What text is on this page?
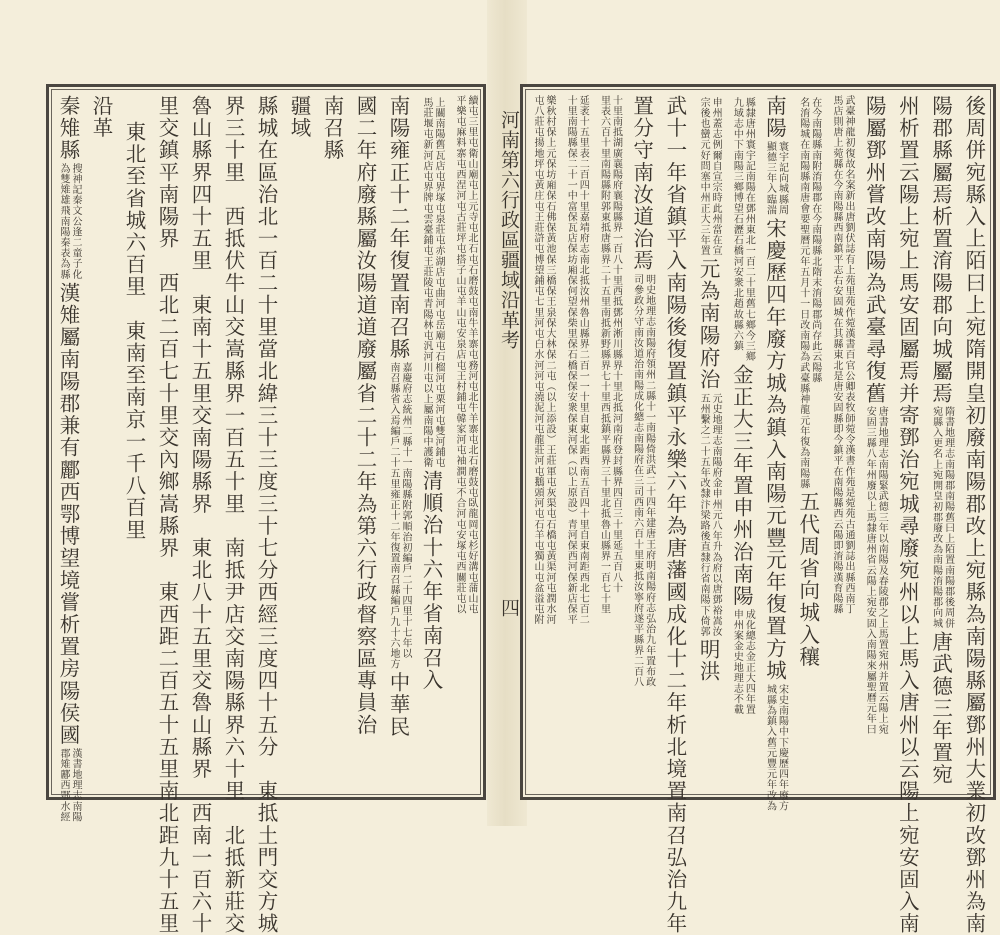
河南第六行政區疆域沿革考
四	後周併宛縣入上陌曰上宛隋開皇初廢南陽郡改上宛縣為南陽縣屬鄧州大業初改鄧州為南
陽郡縣屬焉析置淯陽郡向城屬焉
隋書地理志南陽郡南陽舊曰上陌置南陽郡後周併
宛縣入更名上宛開皇初郡廢改為南陽淯陽郡向城
唐武德三年置宛
州析置云陽上宛上馬安固屬焉并寄鄧治宛城尋廢宛州以上馬入唐州以云陽上宛安固入南
陽屬鄧州嘗改南陽為武臺尋復舊
唐書地理志南陽緊武德三年以南陽及春陵郡之上馬置宛州并置云陽上宛
安固三縣八年州廢以上馬隸唐州省云陽上宛安固入南陽來屬聖曆元年曰
武臺神龍初復故名案新出唐劉伏誌有上苑里苑作菀漢書百官公卿表牧師菀令漢書作苑是菀苑古通劉誌出縣西南丁
馬店則唐上菀縣在今南陽縣西南鎮平志右安固城在其縣東北是唐安固縣即今鎮平在南陽縣西云陽即淯陽漢育陽縣
在今南陽縣南附淯陽郡在今南陽縣北隋末淯陽郡尚存此云陽縣
名淯陽城在南陽縣南唐會要聖曆元年五月十一日改南陽為武臺縣神龍元年復為南陽縣
五代周省向城入穰
南陽
寰宇記向城縣周
顯德三年入臨湍
宋慶歷四年廢方城為鎮入南陽元豐元年復置方城
宋史南陽中下慶歷四年廢方
城縣為鎮入舊元豐元年改為
縣隸唐州寰宇記南陽在鄧州東北一百二十里舊七鄉今三鄉
九域志中下南陽三鄉博望石瀝石橋河安衆北趙故縣六鎮
金正大三年置申州治南陽
成化總志金正大四年置
申州案金史地理志不載
申州蓋志例爾自宣宗時此州當在宣
宗後也蠻元好問塞中州正大三年置
元為南陽府治
元史地理志南陽府金申州元八年升為府以唐鄧裕嵩汝
五州繫之二十五年改隸汴梁路後直隸行省南陽下倚郭
明洪
武十一年省鎮平入南陽後復置鎮平永樂六年為唐藩國成化十二年析北境置南召弘治九年
置分守南汝道治焉
明史地理志南陽府領州二縣十一南陽倚洪武二十四年建唐王府明南陽府志弘治九年置布政
司參政分守南汝道治南陽成化總志南陽府在三司西南六百十里東抵汝寧府遂平縣界二百八
十里南抵湖廣襄陽府襄陽縣界一百八十里西抵鄧州淅川縣界十里北抵河南府登封縣界四百三十里延五百八十
里表六百十里南陽縣附郭東抵唐縣界二十五里南抵新野縣界七十里西抵鎮平縣界三十里北抵魯山縣界一百七十里
延袤十五里表二百四十里嘉靖府志南北抵汝州魯山縣界二百一一十里自東北距西南五百四十里自東南距西北七百二
十里南陽縣保二十一中富保瓦店保坊廂保何望保柴里保石橋保保安衆保東河保（以上原設）青河保西河保新店保平
樂秋村保上元保坊廂保石佛保黃池保三橋保王泉保大林保二屯（以上添設）王莊軍屯灰渠屯石橋屯黃渠河屯潤水河
屯八莊屯揚地坪屯黃庄屯王莊滸屯博望鋪屯七里河屯白水河河屯澆泥河屯龍莊河屯鵝頭河屯石羊屯獨山屯盆溢屯附
續屯三里屯衛山廟屯上元寺屯北石屯石磨鼓屯南牛羊寨屯務河屯北牛羊寨屯北石磨鼓屯臥龍岡屯杉好溝屯蒲山屯
平樂屯麻料寨屯西涅河屯古莊坪屯搭子山屯羊山屯安泉店屯王村鋪屯韓家河屯袖澗屯不合河屯安塚屯西關莊屯以
上關南陽舊瓦店屯界塚屯泉莊屯赤湖店屯曲河屯岳廟屯石榴河屯栗河屯雙河鋪屯
馬莊堰屯新河店屯界牌屯雲臺鋪屯王莊陵屯青陽林屯汎河川屯以上屬南陽中護衛
清順治十六年省南召入
南陽雍正十二年復置南召縣
嘉慶府志統州二縣十一南陽縣附郭順治初編戶二十四里十七年以
南召縣省入焉編戶二十五里雍正十二年復置南召縣編戶九十六地方
中華民
國二年府廢縣屬汝陽道道廢屬省二十二年為第六行政督察區專員治
南召縣
疆域
縣城在區治北一百二十里當北緯三十三度三十七分西經三度四十五分　東抵土門交方城
界三十里　西抵伏牛山交嵩縣界一百五十里　南抵尹店交南陽縣界六十里　北抵新莊交
魯山縣界四十五里　東南十五里交南陽縣界　東北八十五里交魯山縣界　西南一百六十
里交鎮平南陽界　西北二百七十里交內鄉嵩縣界　東西距二百五十五里南北距九十五里
東北至省城六百里　東南至南京一千八百里
沿革
秦雉縣
搜神記秦文公逢二童子化
為雙雉雄飛南陽秦表為縣
漢雉屬南陽郡兼有酈西鄂博望境嘗析置房陽侯國
漢書地理志南陽
郡雉酈西鄂水經
